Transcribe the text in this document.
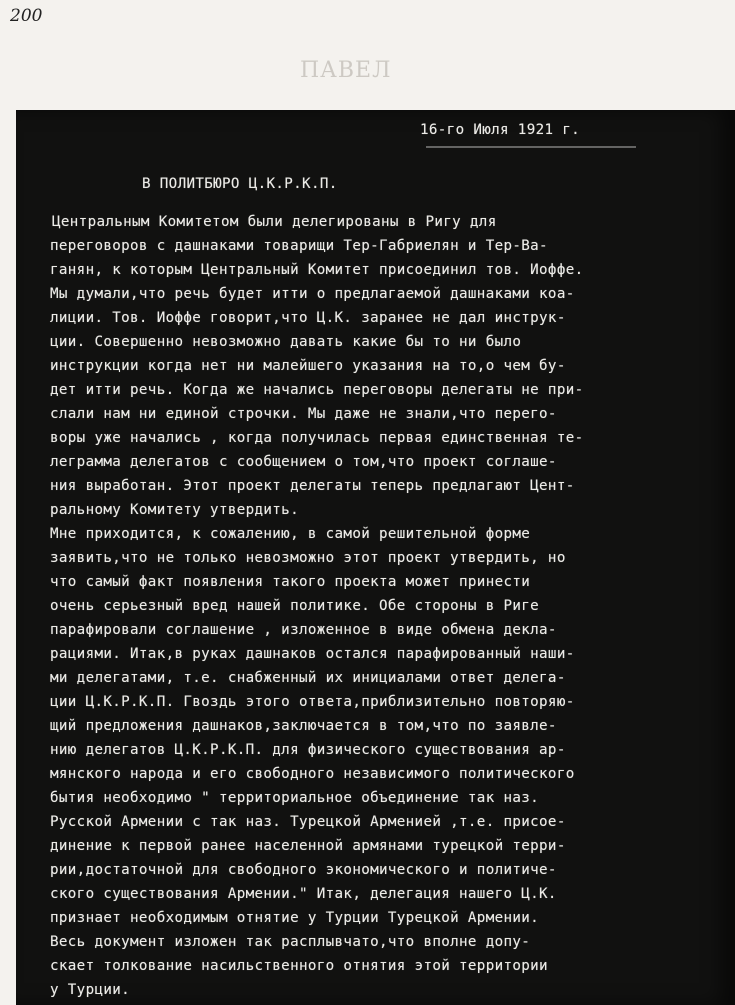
200
ПАВЕЛ
16-го Июля 1921 г.
В ПОЛИТБЮРО Ц.К.Р.К.П.
Центральным Комитетом были делегированы в Ригу для
переговоров с дашнаками товарищи Тер-Габриелян и Тер-Ва-
ганян, к которым Центральный Комитет присоединил тов. Иоффе.
Мы думали,что речь будет итти о предлагаемой дашнаками коа-
лиции. Тов. Иоффе говорит,что Ц.К. заранее не дал инструк-
ции. Совершенно невозможно давать какие бы то ни было
инструкции когда нет ни малейшего указания на то,о чем бу-
дет итти речь. Когда же начались переговоры делегаты не при-
слали нам ни единой строчки. Мы даже не знали,что перего-
воры уже начались , когда получилась первая единственная те-
леграмма делегатов с сообщением о том,что проект соглаше-
ния выработан. Этот проект делегаты теперь предлагают Цент-
ральному Комитету утвердить.
Мне приходится, к сожалению, в самой решительной форме
заявить,что не только невозможно этот проект утвердить, но
что самый факт появления такого проекта может принести
очень серьезный вред нашей политике. Обе стороны в Риге
парафировали соглашение , изложенное в виде обмена декла-
рациями. Итак,в руках дашнаков остался парафированный наши-
ми делегатами, т.е. снабженный их инициалами ответ делега-
ции Ц.К.Р.К.П. Гвоздь этого ответа,приблизительно повторяю-
щий предложения дашнаков,заключается в том,что по заявле-
нию делегатов Ц.К.Р.К.П. для физического существования ар-
мянского народа и его свободного независимого политического
бытия необходимо " территориальное объединение так наз.
Русской Армении с так наз. Турецкой Арменией ,т.е. присое-
динение к первой ранее населенной армянами турецкой терри-
рии,достаточной для свободного экономического и политиче-
ского существования Армении." Итак, делегация нашего Ц.К.
признает необходимым отнятие у Турции Турецкой Армении.
Весь документ изложен так расплывчато,что вполне допу-
скает толкование насильственного отнятия этой территории
у Турции.
